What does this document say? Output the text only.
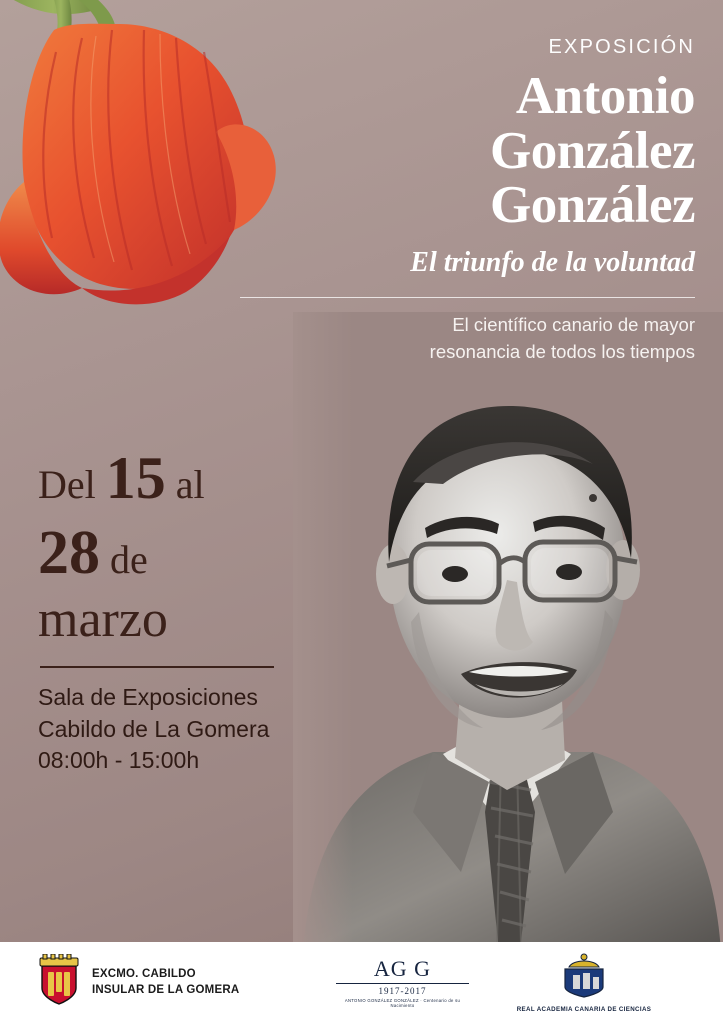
EXPOSICIÓN
Antonio
González
González
El triunfo de la voluntad
El científico canario de mayor
resonancia de todos los tiempos
Del 15 al
28 de
marzo
Sala de Exposiciones
Cabildo de La Gomera
08:00h - 15:00h
EXCMO. CABILDO
INSULAR DE LA GOMERA
AG G
1917-2017
ANTONIO GONZÁLEZ GONZÁLEZ · Centenario de su Nacimiento
REAL ACADEMIA CANARIA DE CIENCIAS
